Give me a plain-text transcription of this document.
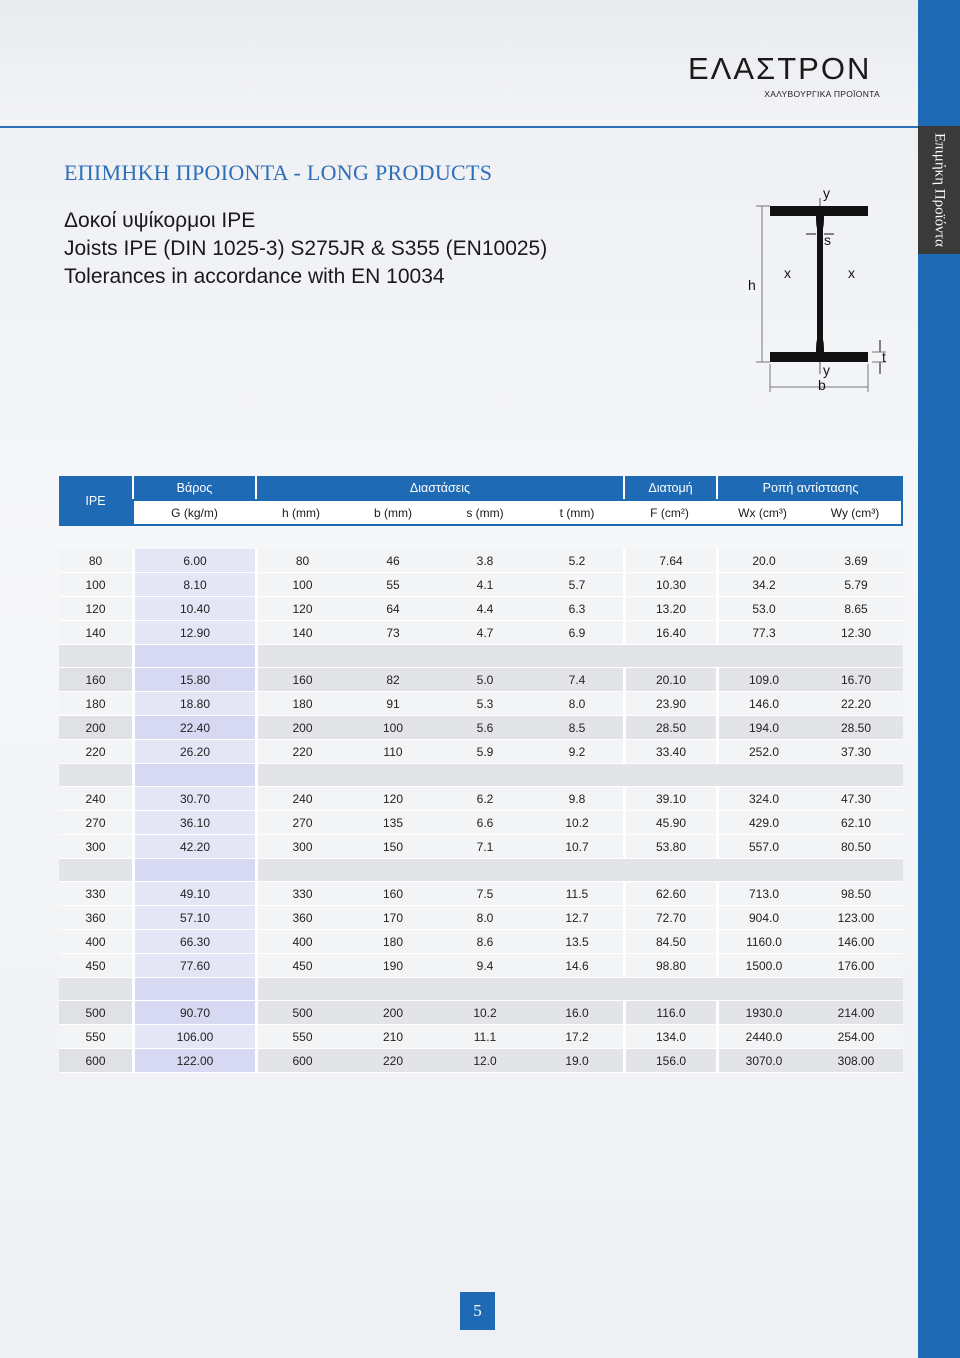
ΕΛΑΣΤΡΟΝ
ΧΑΛΥΒΟΥΡΓΙΚΑ ΠΡΟΪΟΝΤΑ
Επιμήκη Προϊόντα
ΕΠΙΜΗΚΗ ΠΡΟΙΟΝΤΑ - LONG PRODUCTS
Δοκοί υψίκορμοι IPE
Joists IPE (DIN 1025-3) S275JR & S355 (EN10025)
Tolerances in accordance with EN 10034
y
s
x	x
h
t
y
b
IPE	Βάρος	Διαστάσεις				Διατομή	Ροπή αντίστασης	
	G (kg/m)	h (mm)	b (mm)	s (mm)	t (mm)	F (cm²)	Wx (cm³)	Wy (cm³)

80	6.00	80	46	3.8	5.2	7.64	20.0	3.69
100	8.10	100	55	4.1	5.7	10.30	34.2	5.79
120	10.40	120	64	4.4	6.3	13.20	53.0	8.65
140	12.90	140	73	4.7	6.9	16.40	77.3	12.30

160	15.80	160	82	5.0	7.4	20.10	109.0	16.70
180	18.80	180	91	5.3	8.0	23.90	146.0	22.20
200	22.40	200	100	5.6	8.5	28.50	194.0	28.50
220	26.20	220	110	5.9	9.2	33.40	252.0	37.30

240	30.70	240	120	6.2	9.8	39.10	324.0	47.30
270	36.10	270	135	6.6	10.2	45.90	429.0	62.10
300	42.20	300	150	7.1	10.7	53.80	557.0	80.50

330	49.10	330	160	7.5	11.5	62.60	713.0	98.50
360	57.10	360	170	8.0	12.7	72.70	904.0	123.00
400	66.30	400	180	8.6	13.5	84.50	1160.0	146.00
450	77.60	450	190	9.4	14.6	98.80	1500.0	176.00

500	90.70	500	200	10.2	16.0	116.0	1930.0	214.00
550	106.00	550	210	11.1	17.2	134.0	2440.0	254.00
600	122.00	600	220	12.0	19.0	156.0	3070.0	308.00
5
